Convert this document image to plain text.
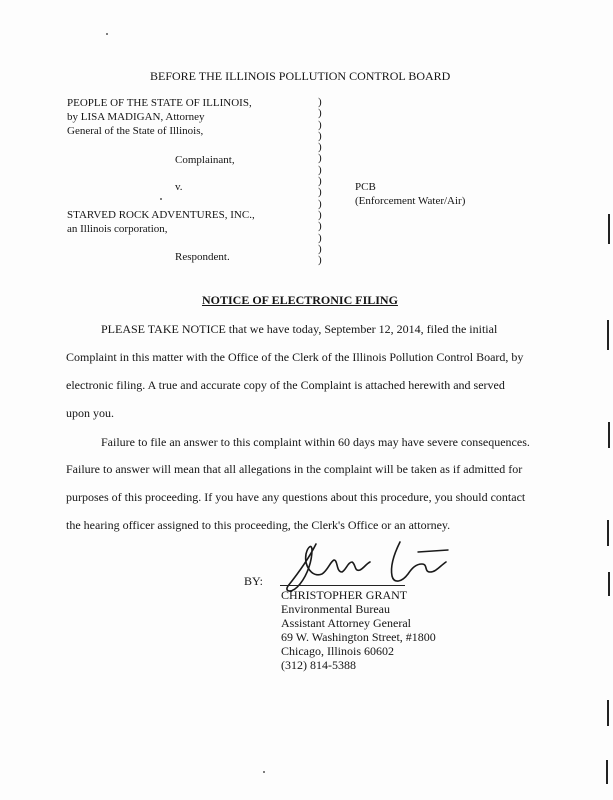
BEFORE THE ILLINOIS POLLUTION CONTROL BOARD
PEOPLE OF THE STATE OF ILLINOIS,
by LISA MADIGAN, Attorney
General of the State of Illinois,
Complainant,
v.
STARVED ROCK ADVENTURES, INC.,
an Illinois corporation,
Respondent.
)
)
)
)
)
)
)
)
)
)
)
)
)
)
)
PCB
(Enforcement Water/Air)
NOTICE OF ELECTRONIC FILING
PLEASE TAKE NOTICE that we have today, September 12, 2014, filed the initial
Complaint in this matter with the Office of the Clerk of the Illinois Pollution Control Board, by
electronic filing. A true and accurate copy of the Complaint is attached herewith and served
upon you.
Failure to file an answer to this complaint within 60 days may have severe consequences.
Failure to answer will mean that all allegations in the complaint will be taken as if admitted for
purposes of this proceeding. If you have any questions about this procedure, you should contact
the hearing officer assigned to this proceeding, the Clerk's Office or an attorney.
BY:
CHRISTOPHER GRANT
Environmental Bureau
Assistant Attorney General
69 W. Washington Street, #1800
Chicago, Illinois 60602
(312) 814-5388
